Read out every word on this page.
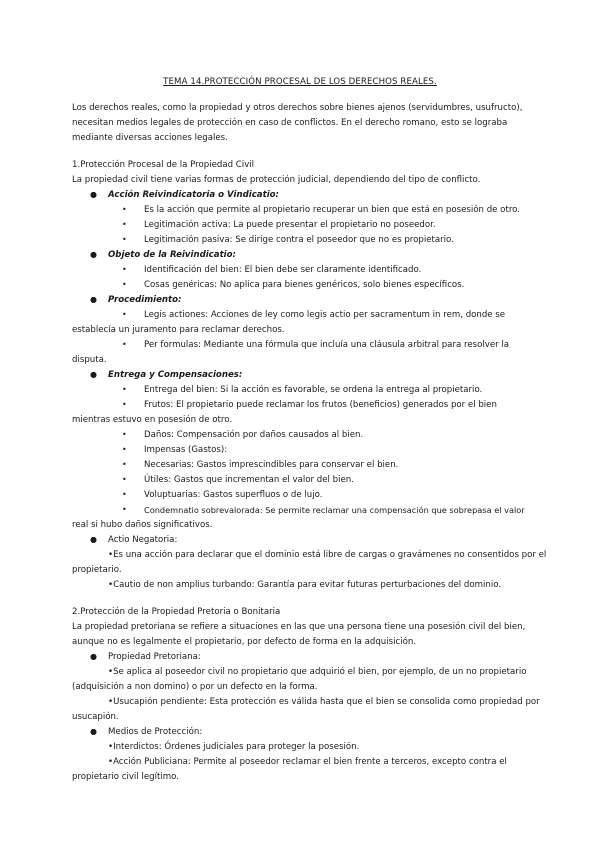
TEMA 14.PROTECCIÓN PROCESAL DE LOS DERECHOS REALES.
Los derechos reales, como la propiedad y otros derechos sobre bienes ajenos (servidumbres, usufructo),
necesitan medios legales de protección en caso de conflictos. En el derecho romano, esto se lograba
mediante diversas acciones legales.
1.Protección Procesal de la Propiedad Civil
La propiedad civil tiene varias formas de protección judicial, dependiendo del tipo de conflicto.
● Acción Reivindicatoria o Vindicatio:
• Es la acción que permite al propietario recuperar un bien que está en posesión de otro.
• Legitimación activa: La puede presentar el propietario no poseedor.
• Legitimación pasiva: Se dirige contra el poseedor que no es propietario.
● Objeto de la Reivindicatio:
• Identificación del bien: El bien debe ser claramente identificado.
• Cosas genéricas: No aplica para bienes genéricos, solo bienes específicos.
● Procedimiento:
• Legis actiones: Acciones de ley como legis actio per sacramentum in rem, donde se
establecía un juramento para reclamar derechos.
• Per formulas: Mediante una fórmula que incluía una cláusula arbitral para resolver la
disputa.
● Entrega y Compensaciones:
• Entrega del bien: Si la acción es favorable, se ordena la entrega al propietario.
• Frutos: El propietario puede reclamar los frutos (beneficios) generados por el bien
mientras estuvo en posesión de otro.
• Daños: Compensación por daños causados al bien.
• Impensas (Gastos):
• Necesarias: Gastos imprescindibles para conservar el bien.
• Útiles: Gastos que incrementan el valor del bien.
• Voluptuarias: Gastos superfluos o de lujo.
• Condemnatio sobrevalorada: Se permite reclamar una compensación que sobrepasa el valor
real si hubo daños significativos.
● Actio Negatoria:
•Es una acción para declarar que el dominio está libre de cargas o gravámenes no consentidos por el
propietario.
•Cautio de non amplius turbando: Garantía para evitar futuras perturbaciones del dominio.
2.Protección de la Propiedad Pretoria o Bonitaria
La propiedad pretoriana se refiere a situaciones en las que una persona tiene una posesión civil del bien,
aunque no es legalmente el propietario, por defecto de forma en la adquisición.
● Propiedad Pretoriana:
•Se aplica al poseedor civil no propietario que adquirió el bien, por ejemplo, de un no propietario
(adquisición a non domino) o por un defecto en la forma.
•Usucapión pendiente: Esta protección es válida hasta que el bien se consolida como propiedad por
usucapión.
● Medios de Protección:
•Interdictos: Órdenes judiciales para proteger la posesión.
•Acción Publiciana: Permite al poseedor reclamar el bien frente a terceros, excepto contra el
propietario civil legítimo.
